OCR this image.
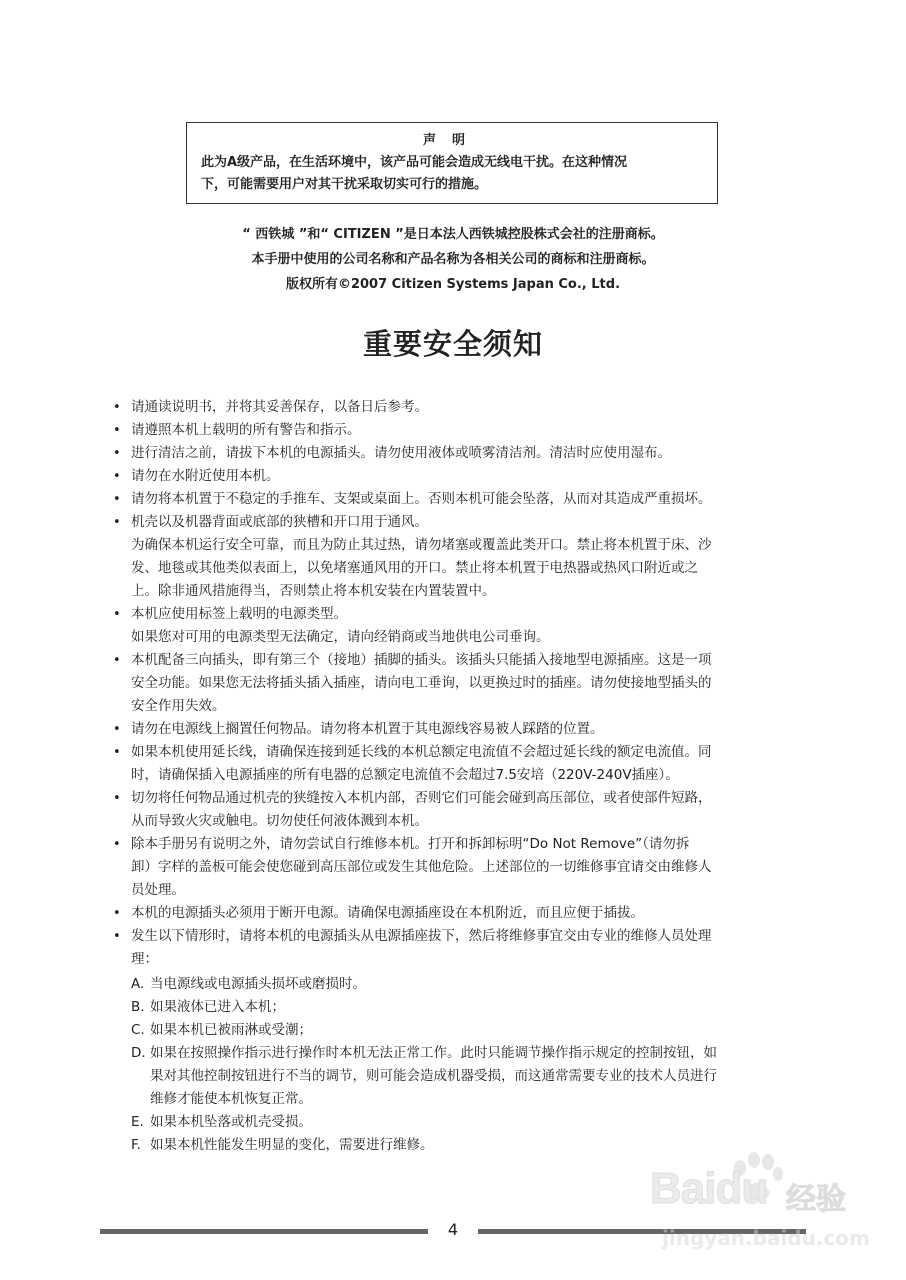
声明
此为A级产品，在生活环境中，该产品可能会造成无线电干扰。在这种情况
下，可能需要用户对其干扰采取切实可行的措施。
“ 西铁城 ”和“ CITIZEN ”是日本法人西铁城控股株式会社的注册商标。
本手册中使用的公司名称和产品名称为各相关公司的商标和注册商标。
版权所有©2007 Citizen Systems Japan Co., Ltd.
重要安全须知
• 请通读说明书，并将其妥善保存，以备日后参考。
• 请遵照本机上载明的所有警告和指示。
• 进行清洁之前，请拔下本机的电源插头。请勿使用液体或喷雾清洁剂。清洁时应使用湿布。
• 请勿在水附近使用本机。
• 请勿将本机置于不稳定的手推车、支架或桌面上。否则本机可能会坠落，从而对其造成严重损坏。
• 机壳以及机器背面或底部的狭槽和开口用于通风。
为确保本机运行安全可靠，而且为防止其过热，请勿堵塞或覆盖此类开口。禁止将本机置于床、沙
发、地毯或其他类似表面上，以免堵塞通风用的开口。禁止将本机置于电热器或热风口附近或之
上。除非通风措施得当，否则禁止将本机安装在内置装置中。
• 本机应使用标签上载明的电源类型。
如果您对可用的电源类型无法确定，请向经销商或当地供电公司垂询。
• 本机配备三向插头，即有第三个（接地）插脚的插头。该插头只能插入接地型电源插座。这是一项
安全功能。如果您无法将插头插入插座，请向电工垂询，以更换过时的插座。请勿使接地型插头的
安全作用失效。
• 请勿在电源线上搁置任何物品。请勿将本机置于其电源线容易被人踩踏的位置。
• 如果本机使用延长线，请确保连接到延长线的本机总额定电流值不会超过延长线的额定电流值。同
时，请确保插入电源插座的所有电器的总额定电流值不会超过7.5安培（220V-240V插座）。
• 切勿将任何物品通过机壳的狭缝按入本机内部，否则它们可能会碰到高压部位，或者使部件短路，
从而导致火灾或触电。切勿使任何液体溅到本机。
• 除本手册另有说明之外，请勿尝试自行维修本机。打开和拆卸标明“Do Not Remove”（请勿拆
卸）字样的盖板可能会使您碰到高压部位或发生其他危险。上述部位的一切维修事宜请交由维修人
员处理。
• 本机的电源插头必须用于断开电源。请确保电源插座设在本机附近，而且应便于插拔。
• 发生以下情形时，请将本机的电源插头从电源插座拔下，然后将维修事宜交由专业的维修人员处理
理：
A. 当电源线或电源插头损坏或磨损时。
B. 如果液体已进入本机；
C. 如果本机已被雨淋或受潮；
D. 如果在按照操作指示进行操作时本机无法正常工作。此时只能调节操作指示规定的控制按钮，如
果对其他控制按钮进行不当的调节，则可能会造成机器受损，而这通常需要专业的技术人员进行
维修才能使本机恢复正常。
E. 如果本机坠落或机壳受损。
F. 如果本机性能发生明显的变化，需要进行维修。
4
Baidu 经验
jingyan.baidu.com
